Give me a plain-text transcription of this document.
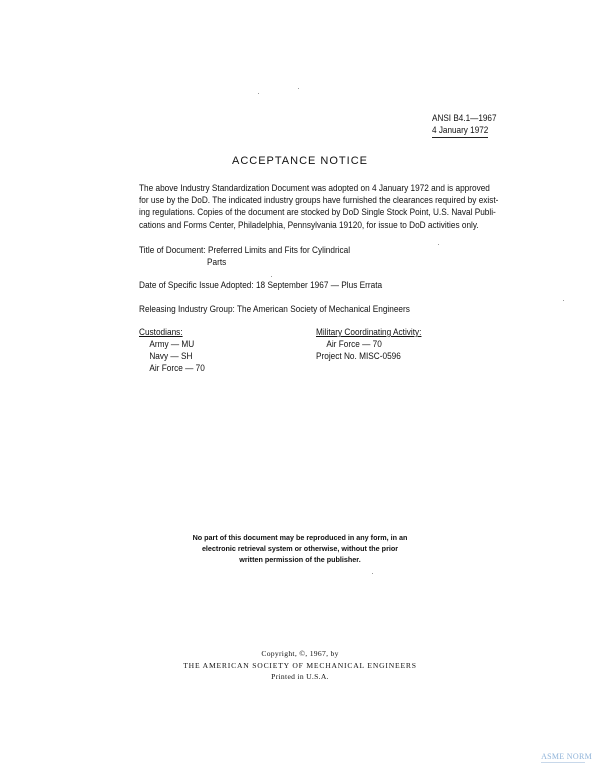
ANSI B4.1—1967
4 January 1972
ACCEPTANCE NOTICE
The above Industry Standardization Document was adopted on 4 January 1972 and is approved
for use by the DoD. The indicated industry groups have furnished the clearances required by exist-
ing regulations. Copies of the document are stocked by DoD Single Stock Point, U.S. Naval Publi-
cations and Forms Center, Philadelphia, Pennsylvania 19120, for issue to DoD activities only.
Title of Document: Preferred Limits and Fits for Cylindrical
Parts
Date of Specific Issue Adopted: 18 September 1967 — Plus Errata
Releasing Industry Group: The American Society of Mechanical Engineers
Custodians:
Army — MU
Navy — SH
Air Force — 70
Military Coordinating Activity:
Air Force — 70
Project No. MISC-0596
No part of this document may be reproduced in any form, in an
electronic retrieval system or otherwise, without the prior
written permission of the publisher.
Copyright, ©, 1967, by
THE AMERICAN SOCIETY OF MECHANICAL ENGINEERS
Printed in U.S.A.
ASME NORM
